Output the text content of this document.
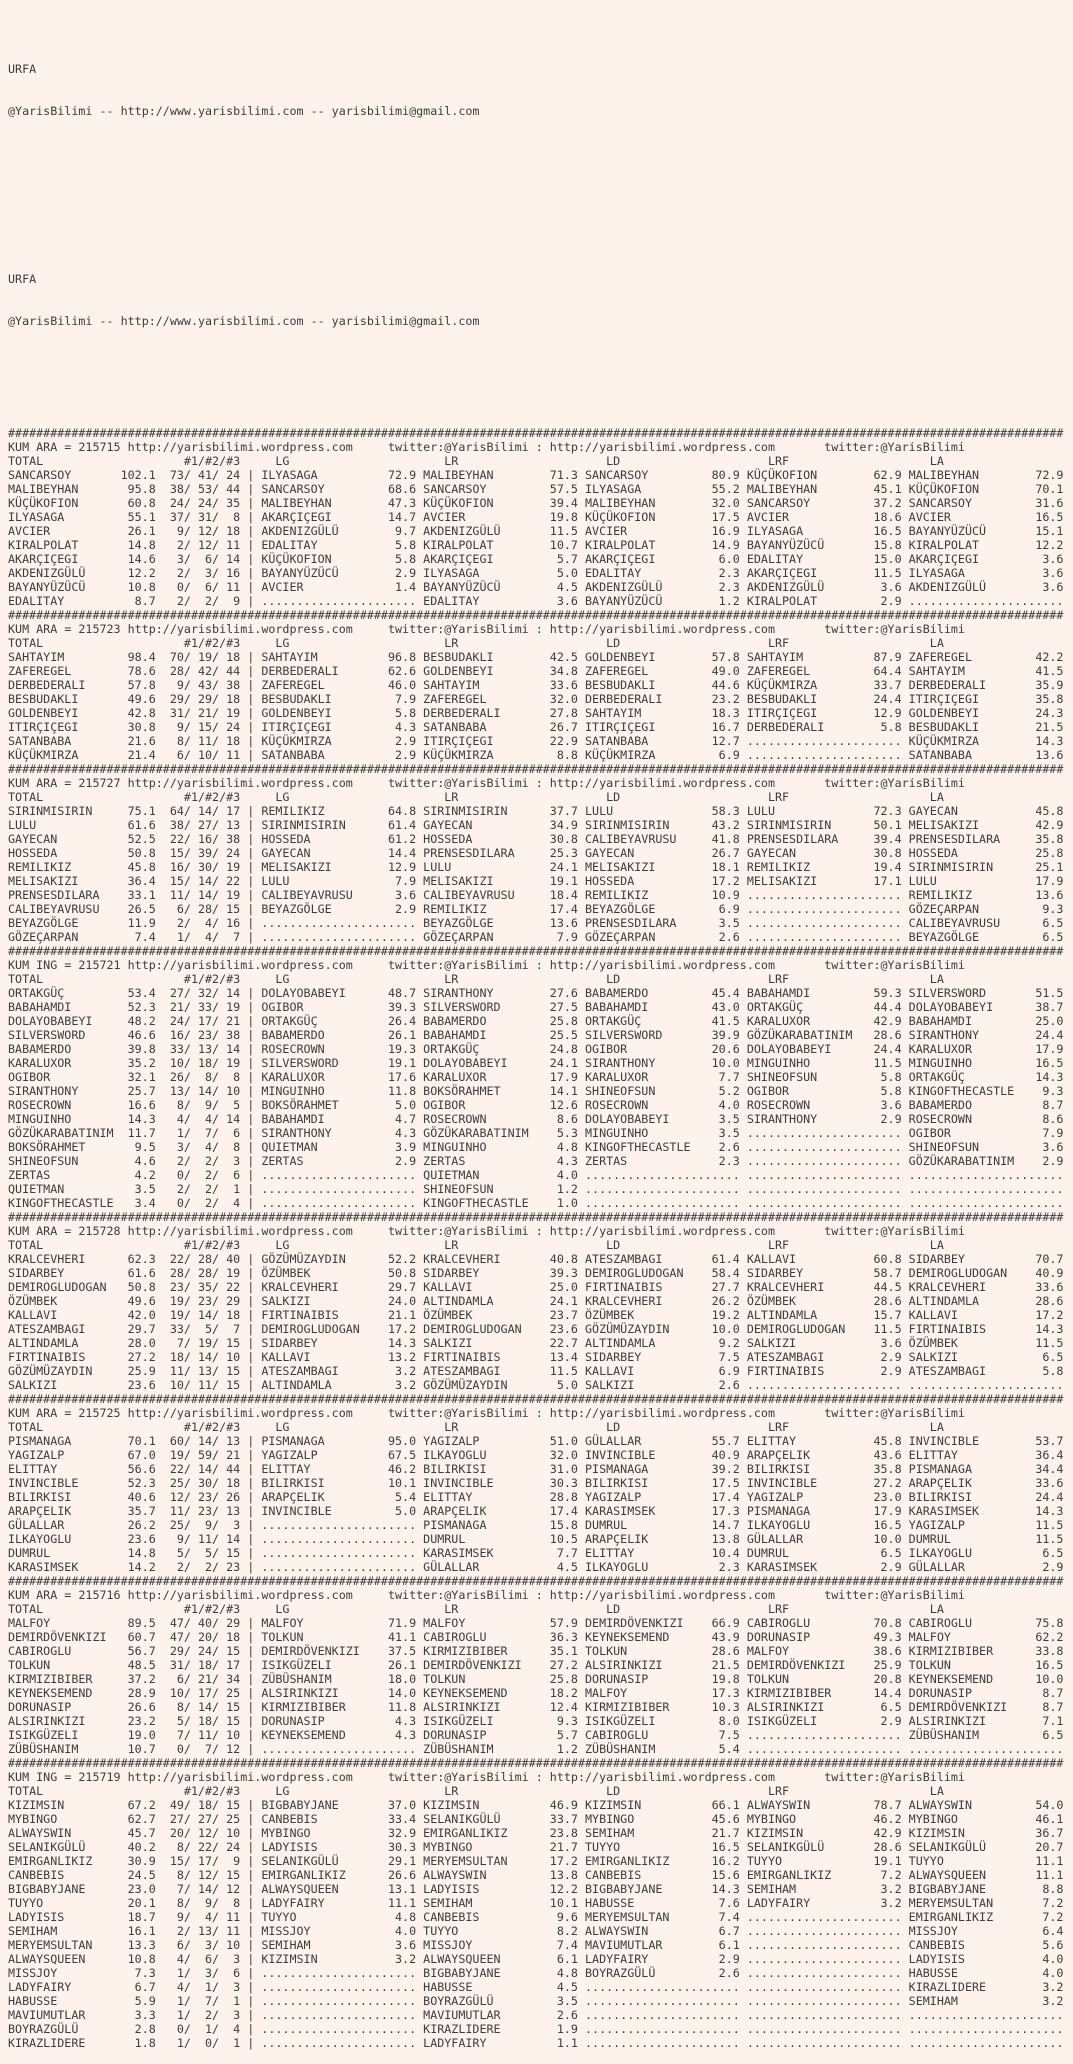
URFA

@YarisBilimi -- http://www.yarisbilimi.com -- yarisbilimi@gmail.com

URFA

@YarisBilimi -- http://www.yarisbilimi.com -- yarisbilimi@gmail.com

######################################################################################################################################################
KUM ARA = 215715 http://yarisbilimi.wordpress.com     twitter:@YarisBilimi : http://yarisbilimi.wordpress.com       twitter:@YarisBilimi
TOTAL                    #1/#2/#3     LG                      LR                     LD                     LRF                    LA
SANCARSOY       102.1  73/ 41/ 24 | ILYASAGA          72.9 MALIBEYHAN        71.3 SANCARSOY         80.9 KÜÇÜKOFION        62.9 MALIBEYHAN        72.9
MALIBEYHAN       95.8  38/ 53/ 44 | SANCARSOY         68.6 SANCARSOY         57.5 ILYASAGA          55.2 MALIBEYHAN        45.1 KÜÇÜKOFION        70.1
KÜÇÜKOFION       60.8  24/ 24/ 35 | MALIBEYHAN        47.3 KÜÇÜKOFION        39.4 MALIBEYHAN        32.0 SANCARSOY         37.2 SANCARSOY         31.6
ILYASAGA         55.1  37/ 31/  8 | AKARÇIÇEGI        14.7 AVCIER            19.8 KÜÇÜKOFION        17.5 AVCIER            18.6 AVCIER            16.5
AVCIER           26.1   9/ 12/ 18 | AKDENIZGÜLÜ        9.7 AKDENIZGÜLÜ       11.5 AVCIER            16.9 ILYASAGA          16.5 BAYANYÜZÜCÜ       15.1
KIRALPOLAT       14.8   2/ 12/ 11 | EDALITAY           5.8 KIRALPOLAT        10.7 KIRALPOLAT        14.9 BAYANYÜZÜCÜ       15.8 KIRALPOLAT        12.2
AKARÇIÇEGI       14.6   3/  6/ 14 | KÜÇÜKOFION         5.8 AKARÇIÇEGI         5.7 AKARÇIÇEGI         6.0 EDALITAY          15.0 AKARÇIÇEGI         3.6
AKDENIZGÜLÜ      12.2   2/  3/ 16 | BAYANYÜZÜCÜ        2.9 ILYASAGA           5.0 EDALITAY           2.3 AKARÇIÇEGI        11.5 ILYASAGA           3.6
BAYANYÜZÜCÜ      10.8   0/  6/ 11 | AVCIER             1.4 BAYANYÜZÜCÜ        4.5 AKDENIZGÜLÜ        2.3 AKDENIZGÜLÜ        3.6 AKDENIZGÜLÜ        3.6
EDALITAY          8.7   2/  2/  9 | ...................... EDALITAY           3.6 BAYANYÜZÜCÜ        1.2 KIRALPOLAT         2.9 ......................
######################################################################################################################################################
KUM ARA = 215723 http://yarisbilimi.wordpress.com     twitter:@YarisBilimi : http://yarisbilimi.wordpress.com       twitter:@YarisBilimi
TOTAL                    #1/#2/#3     LG                      LR                     LD                     LRF                    LA
SAHTAYIM         98.4  70/ 19/ 18 | SAHTAYIM          96.8 BESBUDAKLI        42.5 GOLDENBEYI        57.8 SAHTAYIM          87.9 ZAFEREGEL         42.2
ZAFEREGEL        78.6  28/ 42/ 44 | DERBEDERALI       62.6 GOLDENBEYI        34.8 ZAFEREGEL         49.0 ZAFEREGEL         64.4 SAHTAYIM          41.5
DERBEDERALI      57.8   9/ 43/ 38 | ZAFEREGEL         46.0 SAHTAYIM          33.6 BESBUDAKLI        44.6 KÜÇÜKMIRZA        33.7 DERBEDERALI       35.9
BESBUDAKLI       49.6  29/ 29/ 18 | BESBUDAKLI         7.9 ZAFEREGEL         32.0 DERBEDERALI       23.2 BESBUDAKLI        24.4 ITIRÇIÇEGI        35.8
GOLDENBEYI       42.8  31/ 21/ 19 | GOLDENBEYI         5.8 DERBEDERALI       27.8 SAHTAYIM          18.3 ITIRÇIÇEGI        12.9 GOLDENBEYI        24.3
ITIRÇIÇEGI       30.8   9/ 15/ 24 | ITIRÇIÇEGI         4.3 SATANBABA         26.7 ITIRÇIÇEGI        16.7 DERBEDERALI        5.8 BESBUDAKLI        21.5
SATANBABA        21.6   8/ 11/ 18 | KÜÇÜKMIRZA         2.9 ITIRÇIÇEGI        22.9 SATANBABA         12.7 ...................... KÜÇÜKMIRZA        14.3
KÜÇÜKMIRZA       21.4   6/ 10/ 11 | SATANBABA          2.9 KÜÇÜKMIRZA         8.8 KÜÇÜKMIRZA         6.9 ...................... SATANBABA         13.6
######################################################################################################################################################
KUM ARA = 215727 http://yarisbilimi.wordpress.com     twitter:@YarisBilimi : http://yarisbilimi.wordpress.com       twitter:@YarisBilimi
TOTAL                    #1/#2/#3     LG                      LR                     LD                     LRF                    LA
SIRINMISIRIN     75.1  64/ 14/ 17 | REMILIKIZ         64.8 SIRINMISIRIN      37.7 LULU              58.3 LULU              72.3 GAYECAN           45.8
LULU             61.6  38/ 27/ 13 | SIRINMISIRIN      61.4 GAYECAN           34.9 SIRINMISIRIN      43.2 SIRINMISIRIN      50.1 MELISAKIZI        42.9
GAYECAN          52.5  22/ 16/ 38 | HOSSEDA           61.2 HOSSEDA           30.8 CALIBEYAVRUSU     41.8 PRENSESDILARA     39.4 PRENSESDILARA     35.8
HOSSEDA          50.8  15/ 39/ 24 | GAYECAN           14.4 PRENSESDILARA     25.3 GAYECAN           26.7 GAYECAN           30.8 HOSSEDA           25.8
REMILIKIZ        45.8  16/ 30/ 19 | MELISAKIZI        12.9 LULU              24.1 MELISAKIZI        18.1 REMILIKIZ         19.4 SIRINMISIRIN      25.1
MELISAKIZI       36.4  15/ 14/ 22 | LULU               7.9 MELISAKIZI        19.1 HOSSEDA           17.2 MELISAKIZI        17.1 LULU              17.9
PRENSESDILARA    33.1  11/ 14/ 19 | CALIBEYAVRUSU      3.6 CALIBEYAVRUSU     18.4 REMILIKIZ         10.9 ...................... REMILIKIZ         13.6
CALIBEYAVRUSU    26.5   6/ 28/ 15 | BEYAZGÖLGE         2.9 REMILIKIZ         17.4 BEYAZGÖLGE         6.9 ...................... GÖZEÇARPAN         9.3
BEYAZGÖLGE       11.9   2/  4/ 16 | ...................... BEYAZGÖLGE        13.6 PRENSESDILARA      3.5 ...................... CALIBEYAVRUSU      6.5
GÖZEÇARPAN        7.4   1/  4/  7 | ...................... GÖZEÇARPAN         7.9 GÖZEÇARPAN         2.6 ...................... BEYAZGÖLGE         6.5
######################################################################################################################################################
KUM ING = 215721 http://yarisbilimi.wordpress.com     twitter:@YarisBilimi : http://yarisbilimi.wordpress.com       twitter:@YarisBilimi
TOTAL                    #1/#2/#3     LG                      LR                     LD                     LRF                    LA
ORTAKGÜÇ         53.4  27/ 32/ 14 | DOLAYOBABEYI      48.7 SIRANTHONY        27.6 BABAMERDO         45.4 BABAHAMDI         59.3 SILVERSWORD       51.5
BABAHAMDI        52.3  21/ 33/ 19 | OGIBOR            39.3 SILVERSWORD       27.5 BABAHAMDI         43.0 ORTAKGÜÇ          44.4 DOLAYOBABEYI      38.7
DOLAYOBABEYI     48.2  24/ 17/ 21 | ORTAKGÜÇ          26.4 BABAMERDO         25.8 ORTAKGÜÇ          41.5 KARALUXOR         42.9 BABAHAMDI         25.0
SILVERSWORD      46.6  16/ 23/ 38 | BABAMERDO         26.1 BABAHAMDI         25.5 SILVERSWORD       39.9 GÖZÜKARABATINIM   28.6 SIRANTHONY        24.4
BABAMERDO        39.8  33/ 13/ 14 | ROSECROWN         19.3 ORTAKGÜÇ          24.8 OGIBOR            20.6 DOLAYOBABEYI      24.4 KARALUXOR         17.9
KARALUXOR        35.2  10/ 18/ 19 | SILVERSWORD       19.1 DOLAYOBABEYI      24.1 SIRANTHONY        10.0 MINGUINHO         11.5 MINGUINHO         16.5
OGIBOR           32.1  26/  8/  8 | KARALUXOR         17.6 KARALUXOR         17.9 KARALUXOR          7.7 SHINEOFSUN         5.8 ORTAKGÜÇ          14.3
SIRANTHONY       25.7  13/ 14/ 10 | MINGUINHO         11.8 BOKSÖRAHMET       14.1 SHINEOFSUN         5.2 OGIBOR             5.8 KINGOFTHECASTLE    9.3
ROSECROWN        16.6   8/  9/  5 | BOKSÖRAHMET        5.0 OGIBOR            12.6 ROSECROWN          4.0 ROSECROWN          3.6 BABAMERDO          8.7
MINGUINHO        14.3   4/  4/ 14 | BABAHAMDI          4.7 ROSECROWN          8.6 DOLAYOBABEYI       3.5 SIRANTHONY         2.9 ROSECROWN          8.6
GÖZÜKARABATINIM  11.7   1/  7/  6 | SIRANTHONY         4.3 GÖZÜKARABATINIM    5.3 MINGUINHO          3.5 ...................... OGIBOR             7.9
BOKSÖRAHMET       9.5   3/  4/  8 | QUIETMAN           3.9 MINGUINHO          4.8 KINGOFTHECASTLE    2.6 ...................... SHINEOFSUN         3.6
SHINEOFSUN        4.6   2/  2/  3 | ZERTAS             2.9 ZERTAS             4.3 ZERTAS             2.3 ...................... GÖZÜKARABATINIM    2.9
ZERTAS            4.2   0/  2/  6 | ...................... QUIETMAN           4.0 ...................... ...................... ......................
QUIETMAN          3.5   2/  2/  1 | ...................... SHINEOFSUN         1.2 ...................... ...................... ......................
KINGOFTHECASTLE   3.4   0/  2/  4 | ...................... KINGOFTHECASTLE    1.0 ...................... ...................... ......................
######################################################################################################################################################
KUM ARA = 215728 http://yarisbilimi.wordpress.com     twitter:@YarisBilimi : http://yarisbilimi.wordpress.com       twitter:@YarisBilimi
TOTAL                    #1/#2/#3     LG                      LR                     LD                     LRF                    LA
KRALCEVHERI      62.3  22/ 28/ 40 | GÖZÜMÜZAYDIN      52.2 KRALCEVHERI       40.8 ATESZAMBAGI       61.4 KALLAVI           60.8 SIDARBEY          70.7
SIDARBEY         61.6  28/ 28/ 19 | ÖZÜMBEK           50.8 SIDARBEY          39.3 DEMIROGLUDOGAN    58.4 SIDARBEY          58.7 DEMIROGLUDOGAN    40.9
DEMIROGLUDOGAN   50.8  23/ 35/ 22 | KRALCEVHERI       29.7 KALLAVI           25.0 FIRTINAIBIS       27.7 KRALCEVHERI       44.5 KRALCEVHERI       33.6
ÖZÜMBEK          49.6  19/ 23/ 29 | SALKIZI           24.0 ALTINDAMLA        24.1 KRALCEVHERI       26.2 ÖZÜMBEK           28.6 ALTINDAMLA        28.6
KALLAVI          42.0  19/ 14/ 18 | FIRTINAIBIS       21.1 ÖZÜMBEK           23.7 ÖZÜMBEK           19.2 ALTINDAMLA        15.7 KALLAVI           17.2
ATESZAMBAGI      29.7  33/  5/  7 | DEMIROGLUDOGAN    17.2 DEMIROGLUDOGAN    23.6 GÖZÜMÜZAYDIN      10.0 DEMIROGLUDOGAN    11.5 FIRTINAIBIS       14.3
ALTINDAMLA       28.0   7/ 19/ 15 | SIDARBEY          14.3 SALKIZI           22.7 ALTINDAMLA         9.2 SALKIZI            3.6 ÖZÜMBEK           11.5
FIRTINAIBIS      27.2  18/ 14/ 10 | KALLAVI           13.2 FIRTINAIBIS       13.4 SIDARBEY           7.5 ATESZAMBAGI        2.9 SALKIZI            6.5
GÖZÜMÜZAYDIN     25.9  11/ 13/ 15 | ATESZAMBAGI        3.2 ATESZAMBAGI       11.5 KALLAVI            6.9 FIRTINAIBIS        2.9 ATESZAMBAGI        5.8
SALKIZI          23.6  10/ 11/ 15 | ALTINDAMLA         3.2 GÖZÜMÜZAYDIN       5.0 SALKIZI            2.6 ...................... ......................
######################################################################################################################################################
KUM ARA = 215725 http://yarisbilimi.wordpress.com     twitter:@YarisBilimi : http://yarisbilimi.wordpress.com       twitter:@YarisBilimi
TOTAL                    #1/#2/#3     LG                      LR                     LD                     LRF                    LA
PISMANAGA        70.1  60/ 14/ 13 | PISMANAGA         95.0 YAGIZALP          51.0 GÜLALLAR          55.7 ELITTAY           45.8 INVINCIBLE        53.7
YAGIZALP         67.0  19/ 59/ 21 | YAGIZALP          67.5 ILKAYOGLU         32.0 INVINCIBLE        40.9 ARAPÇELIK         43.6 ELITTAY           36.4
ELITTAY          56.6  22/ 14/ 44 | ELITTAY           46.2 BILIRKISI         31.0 PISMANAGA         39.2 BILIRKISI         35.8 PISMANAGA         34.4
INVINCIBLE       52.3  25/ 30/ 18 | BILIRKISI         10.1 INVINCIBLE        30.3 BILIRKISI         17.5 INVINCIBLE        27.2 ARAPÇELIK         33.6
BILIRKISI        40.6  12/ 23/ 26 | ARAPÇELIK          5.4 ELITTAY           28.8 YAGIZALP          17.4 YAGIZALP          23.0 BILIRKISI         24.4
ARAPÇELIK        35.7  11/ 23/ 13 | INVINCIBLE         5.0 ARAPÇELIK         17.4 KARASIMSEK        17.3 PISMANAGA         17.9 KARASIMSEK        14.3
GÜLALLAR         26.2  25/  9/  3 | ...................... PISMANAGA         15.8 DUMRUL            14.7 ILKAYOGLU         16.5 YAGIZALP          11.5
ILKAYOGLU        23.6   9/ 11/ 14 | ...................... DUMRUL            10.5 ARAPÇELIK         13.8 GÜLALLAR          10.0 DUMRUL            11.5
DUMRUL           14.8   5/  5/ 15 | ...................... KARASIMSEK         7.7 ELITTAY           10.4 DUMRUL             6.5 ILKAYOGLU          6.5
KARASIMSEK       14.2   2/  2/ 23 | ...................... GÜLALLAR           4.5 ILKAYOGLU          2.3 KARASIMSEK         2.9 GÜLALLAR           2.9
######################################################################################################################################################
KUM ARA = 215716 http://yarisbilimi.wordpress.com     twitter:@YarisBilimi : http://yarisbilimi.wordpress.com       twitter:@YarisBilimi
TOTAL                    #1/#2/#3     LG                      LR                     LD                     LRF                    LA
MALFOY           89.5  47/ 40/ 29 | MALFOY            71.9 MALFOY            57.9 DEMIRDÖVENKIZI    66.9 CABIROGLU         70.8 CABIROGLU         75.8
DEMIRDÖVENKIZI   60.7  47/ 20/ 18 | TOLKUN            41.1 CABIROGLU         36.3 KEYNEKSEMEND      43.9 DORUNASIP         49.3 MALFOY            62.2
CABIROGLU        56.7  29/ 24/ 15 | DEMIRDÖVENKIZI    37.5 KIRMIZIBIBER      35.1 TOLKUN            28.6 MALFOY            38.6 KIRMIZIBIBER      33.8
TOLKUN           48.5  31/ 18/ 17 | ISIKGÜZELI        26.1 DEMIRDÖVENKIZI    27.2 ALSIRINKIZI       21.5 DEMIRDÖVENKIZI    25.9 TOLKUN            16.5
KIRMIZIBIBER     37.2   6/ 21/ 34 | ZÜBÜSHANIM        18.0 TOLKUN            25.8 DORUNASIP         19.8 TOLKUN            20.8 KEYNEKSEMEND      10.0
KEYNEKSEMEND     28.9  10/ 17/ 25 | ALSIRINKIZI       14.0 KEYNEKSEMEND      18.2 MALFOY            17.3 KIRMIZIBIBER      14.4 DORUNASIP          8.7
DORUNASIP        26.6   8/ 14/ 15 | KIRMIZIBIBER      11.8 ALSIRINKIZI       12.4 KIRMIZIBIBER      10.3 ALSIRINKIZI        6.5 DEMIRDÖVENKIZI     8.7
ALSIRINKIZI      23.2   5/ 18/ 15 | DORUNASIP          4.3 ISIKGÜZELI         9.3 ISIKGÜZELI         8.0 ISIKGÜZELI         2.9 ALSIRINKIZI        7.1
ISIKGÜZELI       19.0   7/ 11/ 10 | KEYNEKSEMEND       4.3 DORUNASIP          5.7 CABIROGLU          7.5 ...................... ZÜBÜSHANIM         6.5
ZÜBÜSHANIM       10.7   0/  7/ 12 | ...................... ZÜBÜSHANIM         1.2 ZÜBÜSHANIM         5.4 ...................... ......................
######################################################################################################################################################
KUM ING = 215719 http://yarisbilimi.wordpress.com     twitter:@YarisBilimi : http://yarisbilimi.wordpress.com       twitter:@YarisBilimi
TOTAL                    #1/#2/#3     LG                      LR                     LD                     LRF                    LA
KIZIMSIN         67.2  49/ 18/ 15 | BIGBABYJANE       37.0 KIZIMSIN          46.9 KIZIMSIN          66.1 ALWAYSWIN         78.7 ALWAYSWIN         54.0
MYBINGO          62.7  27/ 27/ 25 | CANBEBIS          33.4 SELANIKGÜLÜ       33.7 MYBINGO           45.6 MYBINGO           46.2 MYBINGO           46.1
ALWAYSWIN        45.7  20/ 12/ 10 | MYBINGO           32.9 EMIRGANLIKIZ      23.8 SEMIHAM           21.7 KIZIMSIN          42.9 KIZIMSIN          36.7
SELANIKGÜLÜ      40.2   8/ 22/ 24 | LADYISIS          30.3 MYBINGO           21.7 TUYYO             16.5 SELANIKGÜLÜ       28.6 SELANIKGÜLÜ       20.7
EMIRGANLIKIZ     30.9  15/ 17/  9 | SELANIKGÜLÜ       29.1 MERYEMSULTAN      17.2 EMIRGANLIKIZ      16.2 TUYYO             19.1 TUYYO             11.1
CANBEBIS         24.5   8/ 12/ 15 | EMIRGANLIKIZ      26.6 ALWAYSWIN         13.8 CANBEBIS          15.6 EMIRGANLIKIZ       7.2 ALWAYSQUEEN       11.1
BIGBABYJANE      23.0   7/ 14/ 12 | ALWAYSQUEEN       13.1 LADYISIS          12.2 BIGBABYJANE       14.3 SEMIHAM            3.2 BIGBABYJANE        8.8
TUYYO            20.1   8/  9/  8 | LADYFAIRY         11.1 SEMIHAM           10.1 HABUSSE            7.6 LADYFAIRY          3.2 MERYEMSULTAN       7.2
LADYISIS         18.7   9/  4/ 11 | TUYYO              4.8 CANBEBIS           9.6 MERYEMSULTAN       7.4 ...................... EMIRGANLIKIZ       7.2
SEMIHAM          16.1   2/ 13/ 11 | MISSJOY            4.0 TUYYO              8.2 ALWAYSWIN          6.7 ...................... MISSJOY            6.4
MERYEMSULTAN     13.3   6/  3/ 10 | SEMIHAM            3.6 MISSJOY            7.4 MAVIUMUTLAR        6.1 ...................... CANBEBIS           5.6
ALWAYSQUEEN      10.8   4/  6/  3 | KIZIMSIN           3.2 ALWAYSQUEEN        6.1 LADYFAIRY          2.9 ...................... LADYISIS           4.0
MISSJOY           7.3   1/  3/  6 | ...................... BIGBABYJANE        4.8 BOYRAZGÜLÜ         2.6 ...................... HABUSSE            4.0
LADYFAIRY         6.7   4/  1/  3 | ...................... HABUSSE            4.5 ...................... ...................... KIRAZLIDERE        3.2
HABUSSE           5.9   1/  7/  1 | ...................... BOYRAZGÜLÜ         3.5 ...................... ...................... SEMIHAM            3.2
MAVIUMUTLAR       3.3   1/  2/  3 | ...................... MAVIUMUTLAR        2.6 ...................... ...................... ......................
BOYRAZGÜLÜ        2.8   0/  1/  4 | ...................... KIRAZLIDERE        1.9 ...................... ...................... ......................
KIRAZLIDERE       1.8   1/  0/  1 | ...................... LADYFAIRY          1.1 ...................... ...................... ......................
